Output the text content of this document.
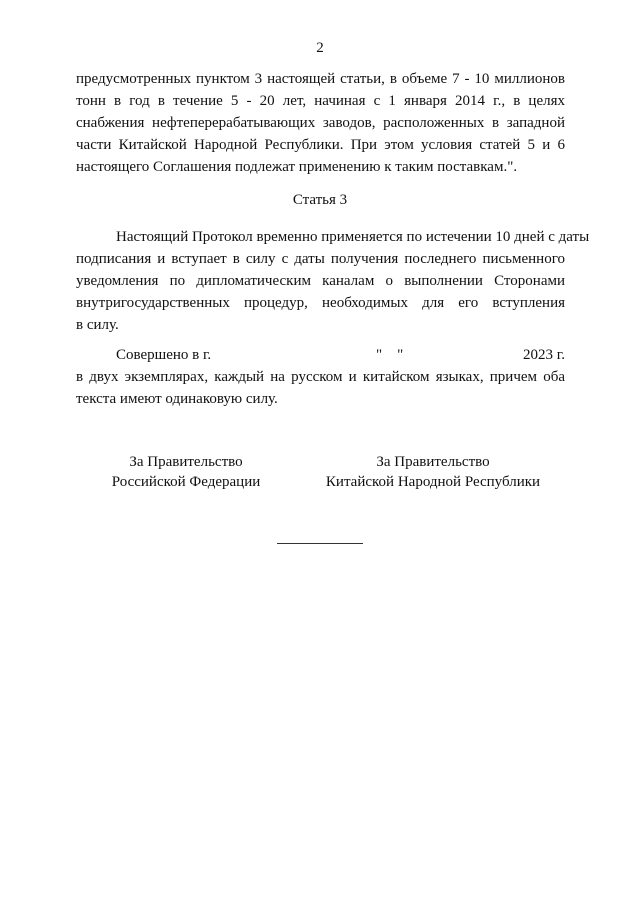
2
предусмотренных пунктом 3 настоящей статьи, в объеме 7 - 10 миллионов
тонн в год в течение 5 - 20 лет, начиная с 1 января 2014 г., в целях
снабжения нефтеперерабатывающих заводов, расположенных в западной
части Китайской Народной Республики. При этом условия статей 5 и 6
настоящего Соглашения подлежат применению к таким поставкам.".
Статья 3
Настоящий Протокол временно применяется по истечении 10 дней с даты
подписания и вступает в силу с даты получения последнего письменного
уведомления по дипломатическим каналам о выполнении Сторонами
внутригосударственных процедур, необходимых для его вступления
в силу.
Совершено в г.	"    "	2023 г.
в двух экземплярах, каждый на русском и китайском языках, причем оба
текста имеют одинаковую силу.
За Правительство
Российской Федерации
За Правительство
Китайской Народной Республики
